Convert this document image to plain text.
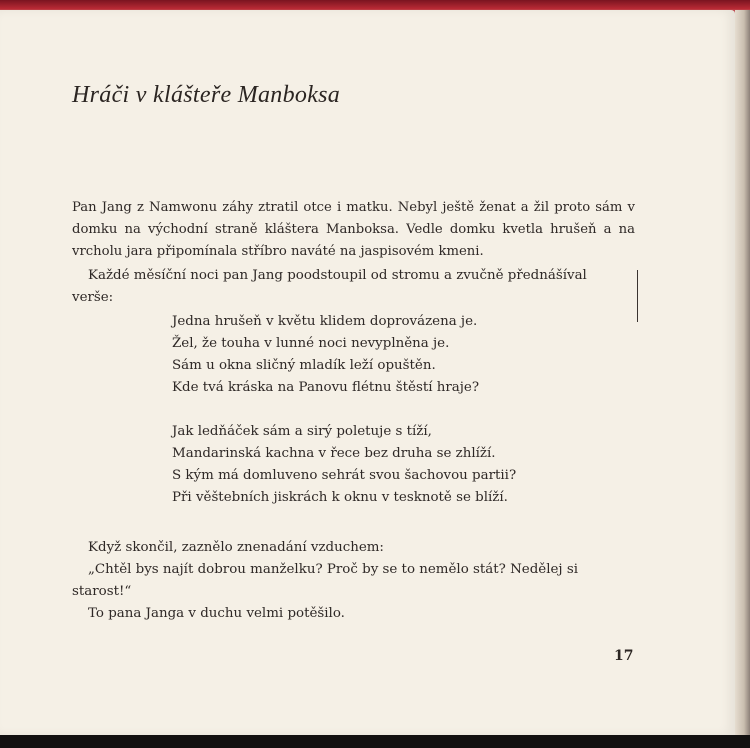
Hráči v klášteře Manboksa

Pan Jang z Namwonu záhy ztratil otce i matku. Nebyl ještě ženat a žil proto sám v domku na východní straně kláštera Manboksa. Vedle domku kvetla hrušeň a na vrcholu jara připomínala stříbro naváté na jaspisovém kmeni.

Každé měsíční noci pan Jang poodstoupil od stromu a zvučně přednášíval
verše:
Jedna hrušeň v květu klidem doprovázena je.
Žel, že touha v lunné noci nevyplněna je.
Sám u okna sličný mladík leží opuštěn.
Kde tvá kráska na Panovu flétnu štěstí hraje?
Jak ledňáček sám a sirý poletuje s tíží,
Mandarinská kachna v řece bez druha se zhlíží.
S kým má domluveno sehrát svou šachovou partii?
Při věštebních jiskrách k oknu v tesknotě se blíží.
Když skončil, zaznělo znenadání vzduchem:
„Chtěl bys najít dobrou manželku? Proč by se to nemělo stát? Nedělej si
starost!“
To pana Janga v duchu velmi potěšilo.
17
